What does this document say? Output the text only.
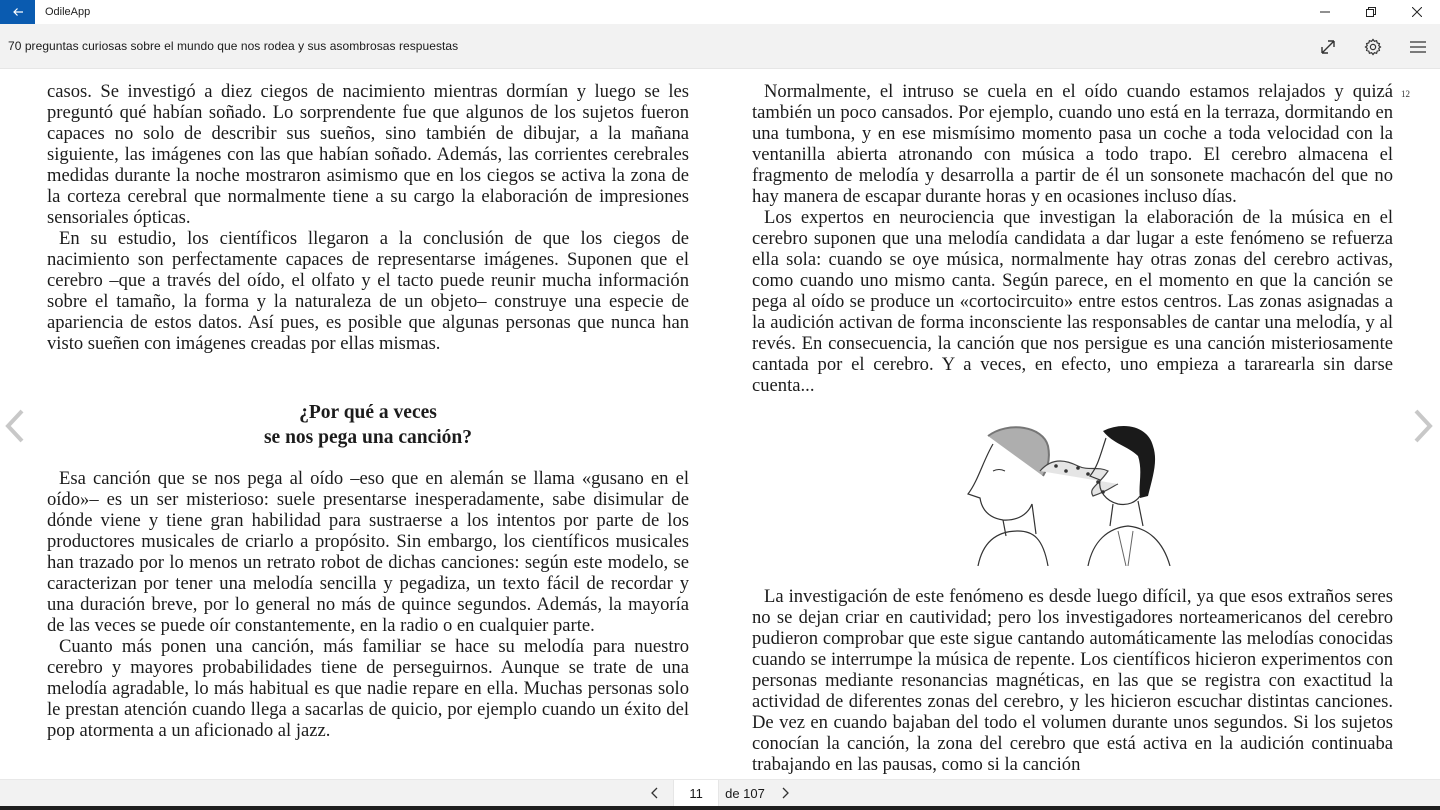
OdileApp
70 preguntas curiosas sobre el mundo que nos rodea y sus asombrosas respuestas

casos. Se investigó a diez ciegos de nacimiento mientras dormían y luego se les preguntó qué habían soñado. Lo sorprendente fue que algunos de los sujetos fueron capaces no solo de describir sus sueños, sino también de dibujar, a la mañana siguiente, las imágenes con las que habían soñado. Además, las corrientes cerebrales medidas durante la noche mostraron asimismo que en los ciegos se activa la zona de la corteza cerebral que normalmente tiene a su cargo la elaboración de impresiones sensoriales ópticas.

En su estudio, los científicos llegaron a la conclusión de que los ciegos de nacimiento son perfectamente capaces de representarse imágenes. Suponen que el cerebro –que a través del oído, el olfato y el tacto puede reunir mucha información sobre el tamaño, la forma y la naturaleza de un objeto– construye una especie de apariencia de estos datos. Así pues, es posible que algunas personas que nunca han visto sueñen con imágenes creadas por ellas mismas.

¿Por qué a veces
se nos pega una canción?

Esa canción que se nos pega al oído –eso que en alemán se llama «gusano en el oído»– es un ser misterioso: suele presentarse inesperadamente, sabe disimular de dónde viene y tiene gran habilidad para sustraerse a los intentos por parte de los productores musicales de criarlo a propósito. Sin embargo, los científicos musicales han trazado por lo menos un retrato robot de dichas canciones: según este modelo, se caracterizan por tener una melodía sencilla y pegadiza, un texto fácil de recordar y una duración breve, por lo general no más de quince segundos. Además, la mayoría de las veces se puede oír constantemente, en la radio o en cualquier parte.

Cuanto más ponen una canción, más familiar se hace su melodía para nuestro cerebro y mayores probabilidades tiene de perseguirnos. Aunque se trate de una melodía agradable, lo más habitual es que nadie repare en ella. Muchas personas solo le prestan atención cuando llega a sacarlas de quicio, por ejemplo cuando un éxito del pop atormenta a un aficionado al jazz.

12

Normalmente, el intruso se cuela en el oído cuando estamos relajados y quizá también un poco cansados. Por ejemplo, cuando uno está en la terraza, dormitando en una tumbona, y en ese mismísimo momento pasa un coche a toda velocidad con la ventanilla abierta atronando con música a todo trapo. El cerebro almacena el fragmento de melodía y desarrolla a partir de él un sonsonete machacón del que no hay manera de escapar durante horas y en ocasiones incluso días.

Los expertos en neurociencia que investigan la elaboración de la música en el cerebro suponen que una melodía candidata a dar lugar a este fenómeno se refuerza ella sola: cuando se oye música, normalmente hay otras zonas del cerebro activas, como cuando uno mismo canta. Según parece, en el momento en que la canción se pega al oído se produce un «cortocircuito» entre estos centros. Las zonas asignadas a la audición activan de forma inconsciente las responsables de cantar una melodía, y al revés. En consecuencia, la canción que nos persigue es una canción misteriosamente cantada por el cerebro. Y a veces, en efecto, uno empieza a tararearla sin darse cuenta...

La investigación de este fenómeno es desde luego difícil, ya que esos extraños seres no se dejan criar en cautividad; pero los investigadores norteamericanos del cerebro pudieron comprobar que este sigue cantando automáticamente las melodías conocidas cuando se interrumpe la música de repente. Los científicos hicieron experimentos con personas mediante resonancias magnéticas, en las que se registra con exactitud la actividad de diferentes zonas del cerebro, y les hicieron escuchar distintas canciones. De vez en cuando bajaban del todo el volumen durante unos segundos. Si los sujetos conocían la canción, la zona del cerebro que está activa en la audición continuaba trabajando en las pausas, como si la canción

11
de 107
